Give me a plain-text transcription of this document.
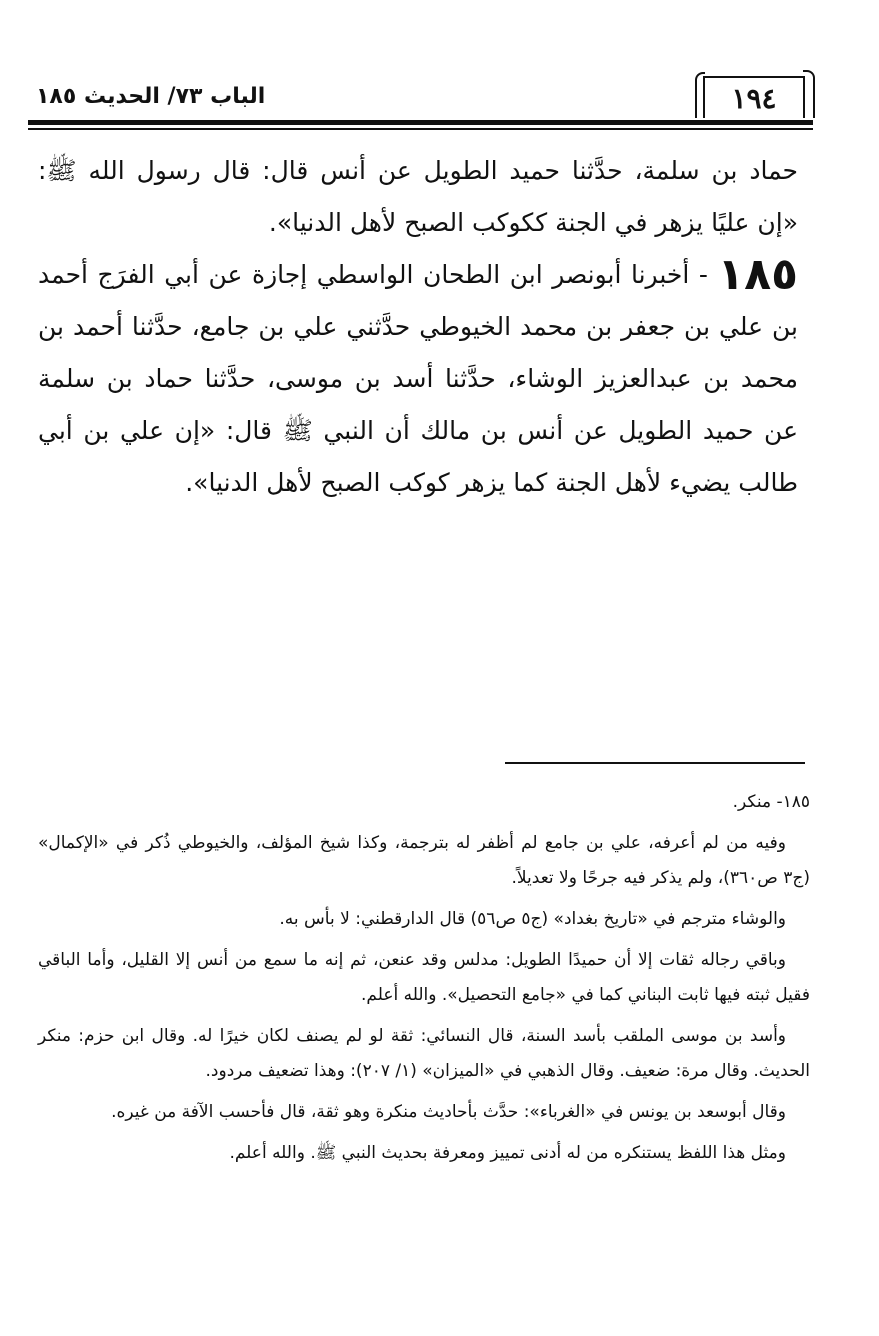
١٩٤
الباب ٧٣/ الحديث ١٨٥

حماد بن سلمة، حدَّثنا حميد الطويل عن أنس قال: قال رسول الله ﷺ: «إن عليًا يزهر في الجنة ككوكب الصبح لأهل الدنيا».

١٨٥ - أخبرنا أبونصر ابن الطحان الواسطي إجازة عن أبي الفرَج أحمد بن علي بن جعفر بن محمد الخيوطي حدَّثني علي بن جامع، حدَّثنا أحمد بن محمد بن عبدالعزيز الوشاء، حدَّثنا أسد بن موسى، حدَّثنا حماد بن سلمة عن حميد الطويل عن أنس بن مالك أن النبي ﷺ قال: «إن علي بن أبي طالب يضيء لأهل الجنة كما يزهر كوكب الصبح لأهل الدنيا».

١٨٥- منكر.

وفيه من لم أعرفه، علي بن جامع لم أظفر له بترجمة، وكذا شيخ المؤلف، والخيوطي ذُكر في «الإكمال» (ج٣ ص٣٦٠)، ولم يذكر فيه جرحًا ولا تعديلاً.

والوشاء مترجم في «تاريخ بغداد» (ج٥ ص٥٦) قال الدارقطني: لا بأس به.

وباقي رجاله ثقات إلا أن حميدًا الطويل: مدلس وقد عنعن، ثم إنه ما سمع من أنس إلا القليل، وأما الباقي فقيل ثبته فيها ثابت البناني كما في «جامع التحصيل». والله أعلم.

وأسد بن موسى الملقب بأسد السنة، قال النسائي: ثقة لو لم يصنف لكان خيرًا له. وقال ابن حزم: منكر الحديث. وقال مرة: ضعيف. وقال الذهبي في «الميزان» (١/ ٢٠٧): وهذا تضعيف مردود.

وقال أبوسعد بن يونس في «الغرباء»: حدَّث بأحاديث منكرة وهو ثقة، قال فأحسب الآفة من غيره.

ومثل هذا اللفظ يستنكره من له أدنى تمييز ومعرفة بحديث النبي ﷺ. والله أعلم.
